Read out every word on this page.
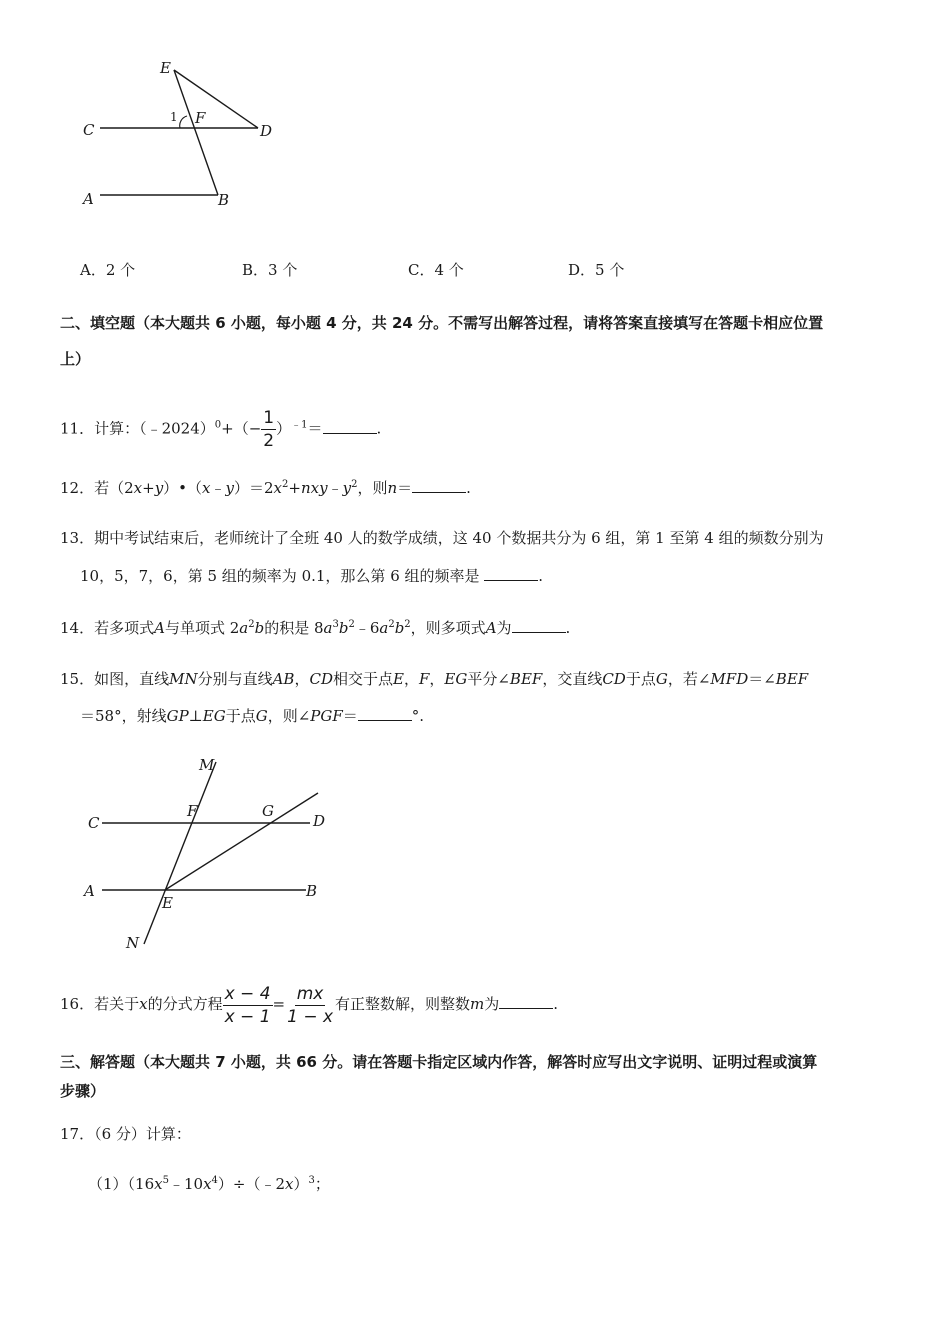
E
1 F
C	D
A	B
A．2 个	B．3 个	C．4 个	D．5 个
二、填空题（本大题共 6 小题，每小题 4 分，共 24 分。不需写出解答过程，请将答案直接填写在答题卡相应位置
上）
11．计算：（﹣2024）$^0$+（− $\frac{1}{2} )^{﹣1}=$	.
12．若$(2x+y)•(x﹣y)=2x^2+nxy﹣y^2$，则n＝	.
13．期中考试结束后，老师统计了全班 40 人的数学成绩，这 40 个数据共分为 6 组，第 1 至第 4 组的频数分别为
10，5，7，6，第 5 组的频率为 0.1，那么第 6 组的频率是	.
14．若多项式A与单项式 $2a^2b$的积是 $8a^3b^2﹣6a^2b^2$，则多项式A为	.
15．如图，直线MN分别与直线AB，CD相交于点E，F，EG平分∠BEF，交直线CD于点G，若∠MFD＝∠BEF
＝58°，射线GP⊥EG于点G，则∠PGF＝	°.
M
F	G
C	D
A	B
E
N
16．若关于x的分式方程 $\frac{x - 4}{x - 1} = \frac{mx}{1 - x}$ 有正整数解，则整数m为	.
三、解答题（本大题共 7 小题，共 66 分。请在答题卡指定区域内作答，解答时应写出文字说明、证明过程或演算
步骤）
17．（6 分）计算：
$(1)(16x^5﹣10x^4)\div(﹣2x)^3$；
